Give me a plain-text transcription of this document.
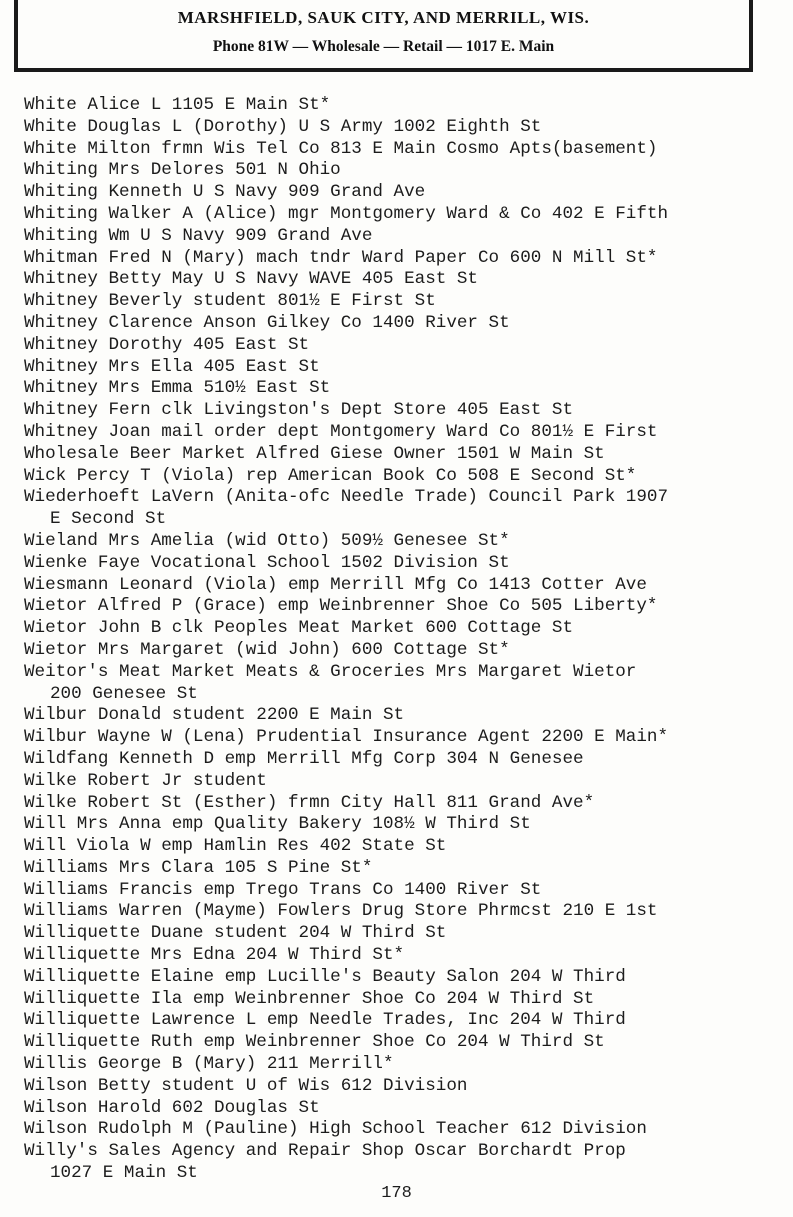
MARSHFIELD, SAUK CITY, AND MERRILL, WIS.
Phone 81W — Wholesale — Retail — 1017 E. Main
White Alice L 1105 E Main St*
White Douglas L (Dorothy) U S Army 1002 Eighth St
White Milton frmn Wis Tel Co 813 E Main Cosmo Apts(basement)
Whiting Mrs Delores 501 N Ohio
Whiting Kenneth U S Navy 909 Grand Ave
Whiting Walker A (Alice) mgr Montgomery Ward & Co 402 E Fifth
Whiting Wm U S Navy 909 Grand Ave
Whitman Fred N (Mary) mach tndr Ward Paper Co 600 N Mill St*
Whitney Betty May U S Navy WAVE 405 East St
Whitney Beverly student 801½ E First St
Whitney Clarence Anson Gilkey Co 1400 River St
Whitney Dorothy 405 East St
Whitney Mrs Ella 405 East St
Whitney Mrs Emma 510½ East St
Whitney Fern clk Livingston's Dept Store 405 East St
Whitney Joan mail order dept Montgomery Ward Co 801½ E First
Wholesale Beer Market Alfred Giese Owner 1501 W Main St
Wick Percy T (Viola) rep American Book Co 508 E Second St*
Wiederhoeft LaVern (Anita-ofc Needle Trade) Council Park 1907
E Second St
Wieland Mrs Amelia (wid Otto) 509½ Genesee St*
Wienke Faye Vocational School 1502 Division St
Wiesmann Leonard (Viola) emp Merrill Mfg Co 1413 Cotter Ave
Wietor Alfred P (Grace) emp Weinbrenner Shoe Co 505 Liberty*
Wietor John B clk Peoples Meat Market 600 Cottage St
Wietor Mrs Margaret (wid John) 600 Cottage St*
Weitor's Meat Market Meats & Groceries Mrs Margaret Wietor
200 Genesee St
Wilbur Donald student 2200 E Main St
Wilbur Wayne W (Lena) Prudential Insurance Agent 2200 E Main*
Wildfang Kenneth D emp Merrill Mfg Corp 304 N Genesee
Wilke Robert Jr student
Wilke Robert St (Esther) frmn City Hall 811 Grand Ave*
Will Mrs Anna emp Quality Bakery 108½ W Third St
Will Viola W emp Hamlin Res 402 State St
Williams Mrs Clara 105 S Pine St*
Williams Francis emp Trego Trans Co 1400 River St
Williams Warren (Mayme) Fowlers Drug Store Phrmcst 210 E 1st
Williquette Duane student 204 W Third St
Williquette Mrs Edna 204 W Third St*
Williquette Elaine emp Lucille's Beauty Salon 204 W Third
Williquette Ila emp Weinbrenner Shoe Co 204 W Third St
Williquette Lawrence L emp Needle Trades, Inc 204 W Third
Williquette Ruth emp Weinbrenner Shoe Co 204 W Third St
Willis George B (Mary) 211 Merrill*
Wilson Betty student U of Wis 612 Division
Wilson Harold 602 Douglas St
Wilson Rudolph M (Pauline) High School Teacher 612 Division
Willy's Sales Agency and Repair Shop Oscar Borchardt Prop
1027 E Main St
178
